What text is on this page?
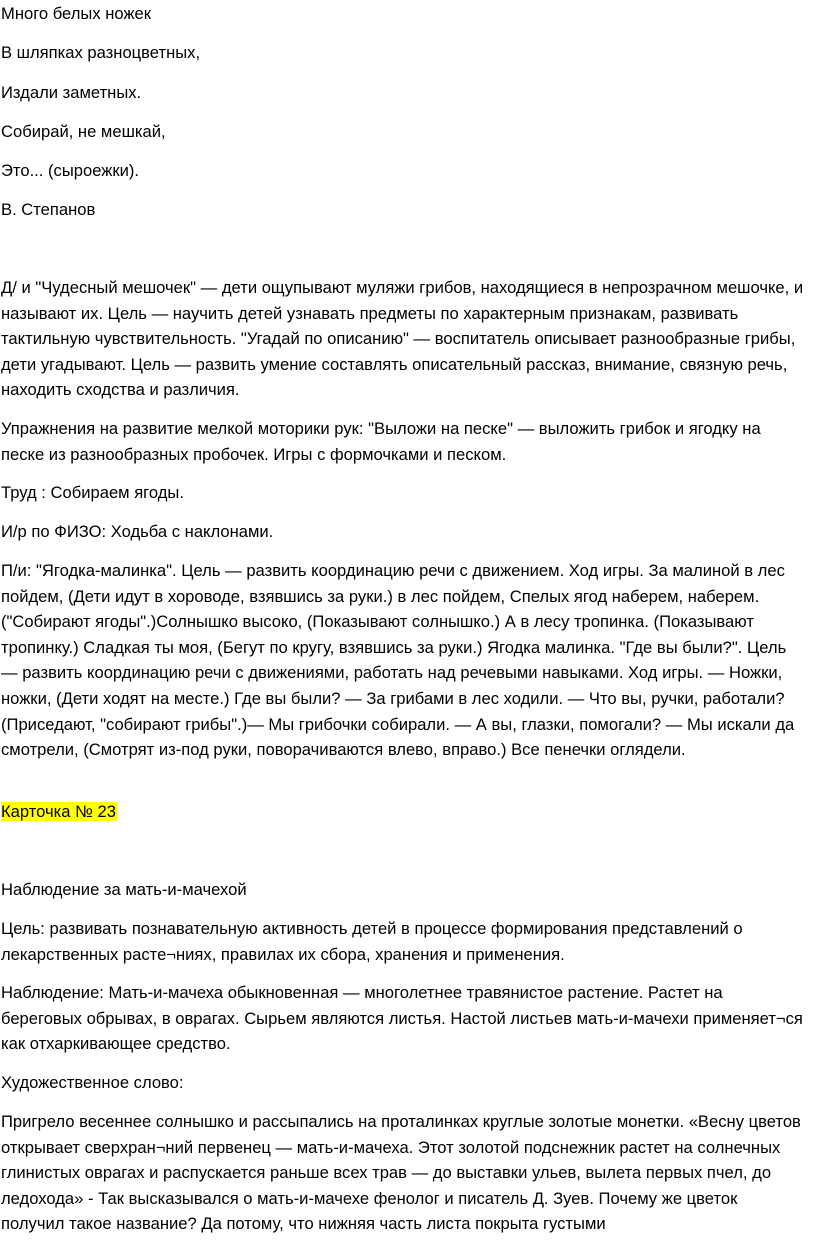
Много белых ножек

В шляпках разноцветных,

Издали заметных.

Собирай, не мешкай,

Это... (сыроежки).

В. Степанов

Д/ и "Чудесный мешочек" — дети ощупывают муляжи грибов, находящиеся в непрозрачном мешочке, и называют их. Цель — научить детей узнавать предметы по характерным признакам, развивать тактильную чувствительность. "Угадай по описанию" — воспитатель описывает разнообразные грибы, дети угадывают. Цель — развить умение составлять описательный рассказ, внимание, связную речь, находить сходства и различия.

Упражнения на развитие мелкой моторики рук: "Выложи на песке" — выложить грибок и ягодку на песке из разнообразных пробочек. Игры с формочками и песком.

Труд : Собираем ягоды.

И/р по ФИЗО: Ходьба с наклонами.

П/и: "Ягодка-малинка". Цель — развить координацию речи с движением. Ход игры. За малиной в лес пойдем, (Дети идут в хороводе, взявшись за руки.) в лес пойдем, Спелых ягод наберем, наберем. ("Собирают ягоды".)Солнышко высоко, (Показывают солнышко.) А в лесу тропинка. (Показывают тропинку.) Сладкая ты моя, (Бегут по кругу, взявшись за руки.) Ягодка малинка. "Где вы были?". Цель — развить координацию речи с движениями, работать над речевыми навыками. Ход игры. — Ножки, ножки, (Дети ходят на месте.) Где вы были? — За грибами в лес ходили. — Что вы, ручки, работали? (Приседают, "собирают грибы".)— Мы грибочки собирали. — А вы, глазки, помогали? — Мы искали да смотрели, (Смотрят из-под руки, поворачиваются влево, вправо.) Все пенечки оглядели.

Карточка № 23

Наблюдение за мать-и-мачехой

Цель: развивать познавательную активность детей в процессе формирования представлений о лекарственных расте¬ниях, правилах их сбора, хранения и применения.

Наблюдение: Мать-и-мачеха обыкновенная — многолетнее травянистое растение. Растет на береговых обрывах, в оврагах. Сырьем являются листья. Настой листьев мать-и-мачехи применяет¬ся как отхаркивающее средство.

Художественное слово:

Пригрело весеннее солнышко и рассыпались на проталинках круглые золотые монетки. «Весну цветов открывает сверхран¬ний первенец — мать-и-мачеха. Этот золотой подснежник растет на солнечных глинистых оврагах и распускается раньше всех трав — до выставки ульев, вылета первых пчел, до ледохода» - Так высказывался о мать-и-мачехе фенолог и писатель Д. Зуев. Почему же цветок получил такое название? Да потому, что нижняя часть листа покрыта густыми
